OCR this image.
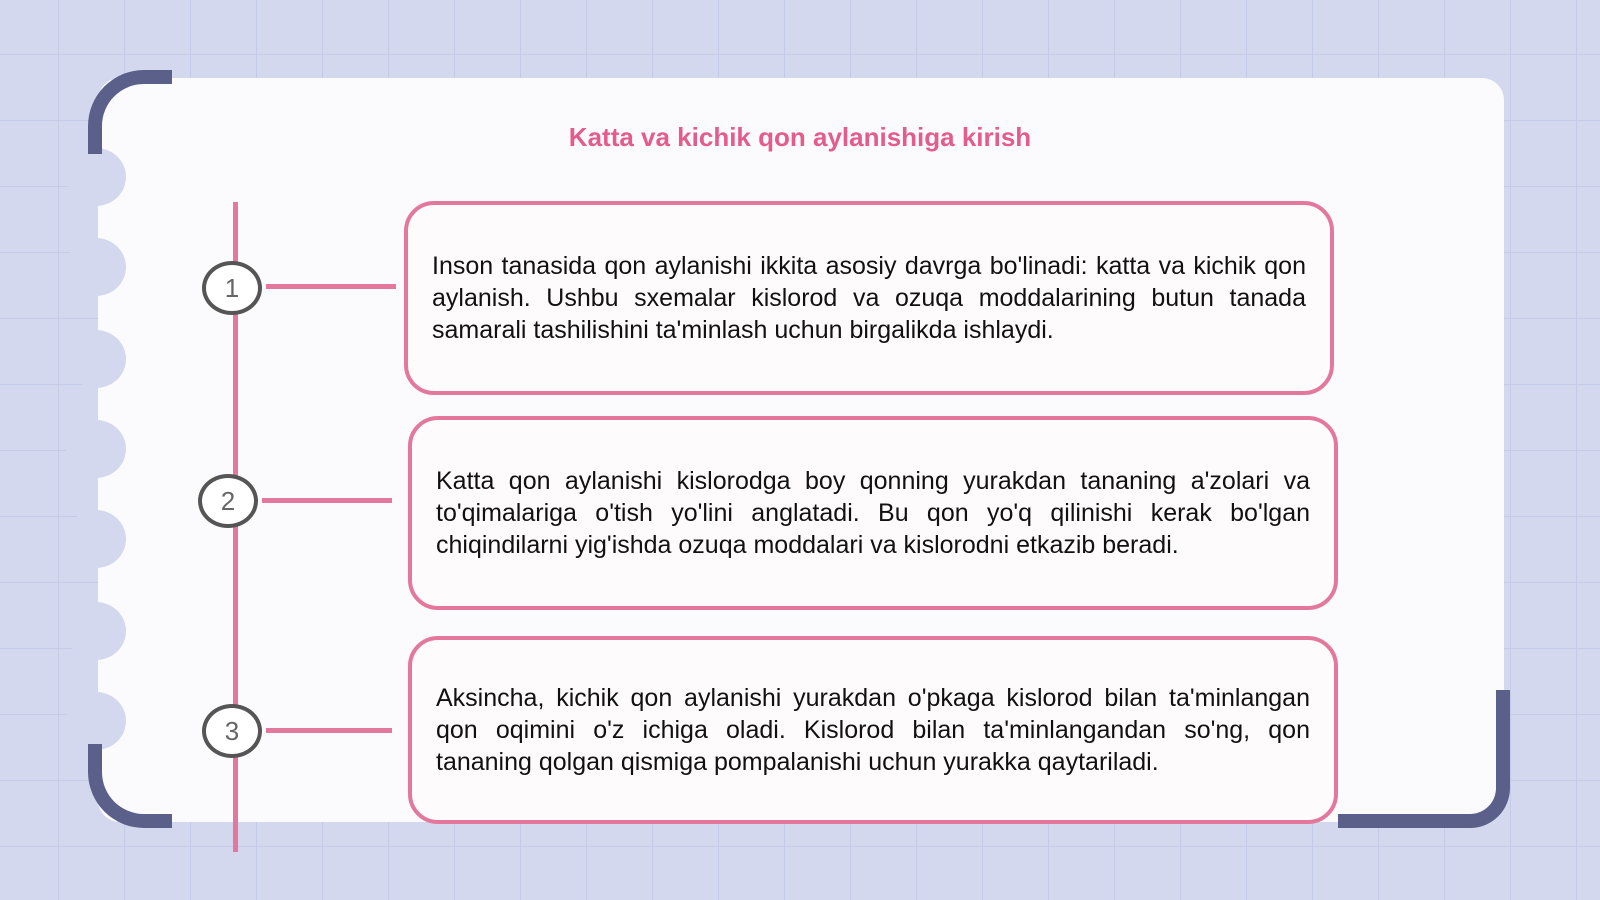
Katta va kichik qon aylanishiga kirish
1

Inson tanasida qon aylanishi ikkita asosiy davrga bo'linadi: katta va kichik qon aylanish. Ushbu sxemalar kislorod va ozuqa moddalarining butun tanada samarali tashilishini ta'minlash uchun birgalikda ishlaydi.

2

Katta qon aylanishi kislorodga boy qonning yurakdan tananing a'zolari va to'qimalariga o'tish yo'lini anglatadi. Bu qon yo'q qilinishi kerak bo'lgan chiqindilarni yig'ishda ozuqa moddalari va kislorodni etkazib beradi.

3

Aksincha, kichik qon aylanishi yurakdan o'pkaga kislorod bilan ta'minlangan qon oqimini o'z ichiga oladi. Kislorod bilan ta'minlangandan so'ng, qon tananing qolgan qismiga pompalanishi uchun yurakka qaytariladi.
